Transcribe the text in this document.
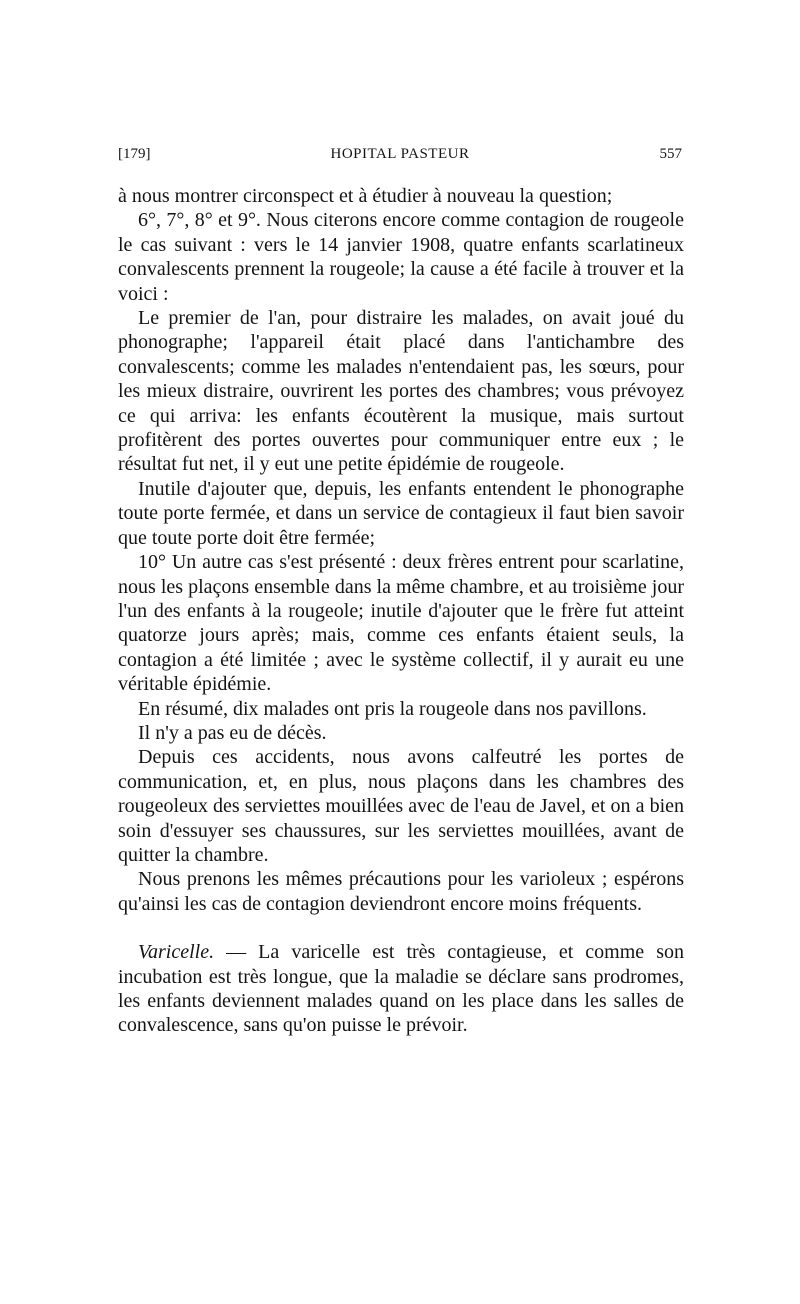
[179]	HOPITAL PASTEUR	557

à nous montrer circonspect et à étudier à nouveau la question;

6°, 7°, 8° et 9°. Nous citerons encore comme contagion de rougeole le cas suivant : vers le 14 janvier 1908, quatre enfants scarlatineux convalescents prennent la rougeole; la cause a été facile à trouver et la voici :

Le premier de l'an, pour distraire les malades, on avait joué du phonographe; l'appareil était placé dans l'antichambre des convalescents; comme les malades n'entendaient pas, les sœurs, pour les mieux distraire, ouvrirent les portes des chambres; vous prévoyez ce qui arriva: les enfants écoutèrent la musique, mais surtout profitèrent des portes ouvertes pour communiquer entre eux ; le résultat fut net, il y eut une petite épidémie de rougeole.

Inutile d'ajouter que, depuis, les enfants entendent le phonographe toute porte fermée, et dans un service de contagieux il faut bien savoir que toute porte doit être fermée;

10° Un autre cas s'est présenté : deux frères entrent pour scarlatine, nous les plaçons ensemble dans la même chambre, et au troisième jour l'un des enfants à la rougeole; inutile d'ajouter que le frère fut atteint quatorze jours après; mais, comme ces enfants étaient seuls, la contagion a été limitée ; avec le système collectif, il y aurait eu une véritable épidémie.

En résumé, dix malades ont pris la rougeole dans nos pavillons.

Il n'y a pas eu de décès.

Depuis ces accidents, nous avons calfeutré les portes de communication, et, en plus, nous plaçons dans les chambres des rougeoleux des serviettes mouillées avec de l'eau de Javel, et on a bien soin d'essuyer ses chaussures, sur les serviettes mouillées, avant de quitter la chambre.

Nous prenons les mêmes précautions pour les varioleux ; espérons qu'ainsi les cas de contagion deviendront encore moins fréquents.

Varicelle. — La varicelle est très contagieuse, et comme son incubation est très longue, que la maladie se déclare sans prodromes, les enfants deviennent malades quand on les place dans les salles de convalescence, sans qu'on puisse le prévoir.
